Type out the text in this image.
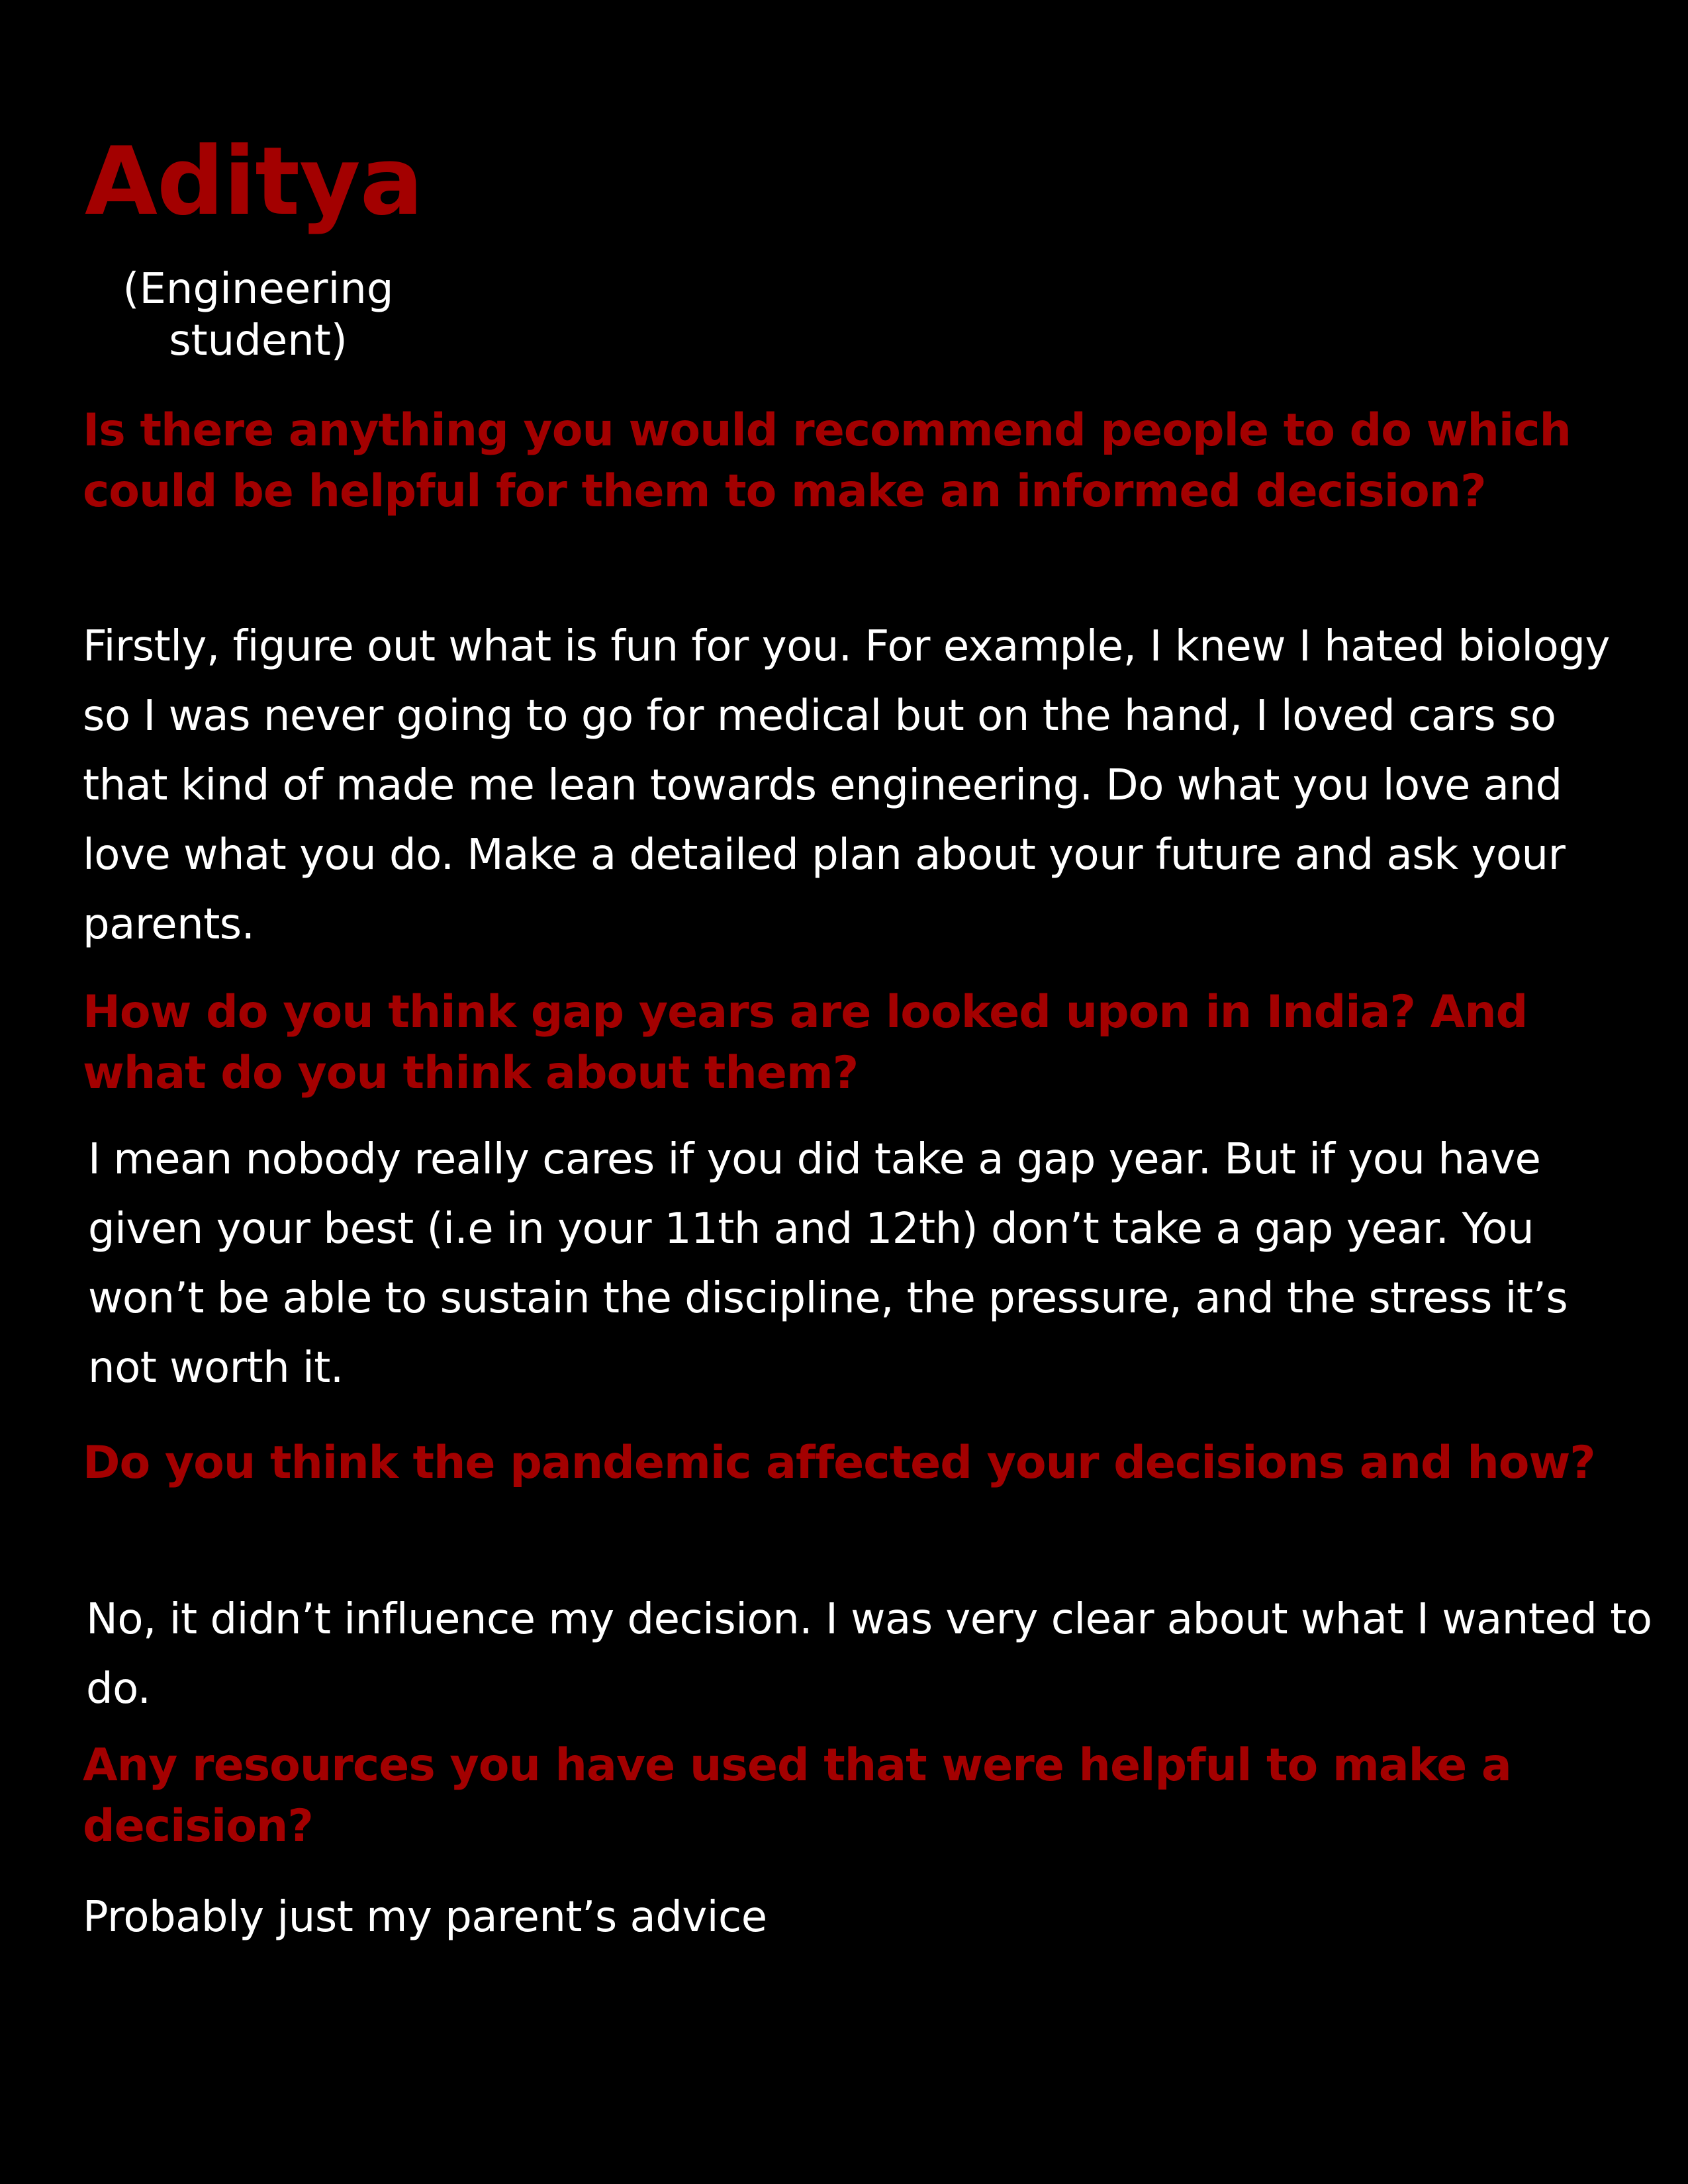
Aditya

(Engineering student)

Is there anything you would recommend people to do which could be helpful for them to make an informed decision?

Firstly, figure out what is fun for you. For example, I knew I hated biology so I was never going to go for medical but on the hand, I loved cars so that kind of made me lean towards engineering. Do what you love and love what you do. Make a detailed plan about your future and ask your parents.

How do you think gap years are looked upon in India? And what do you think about them?

I mean nobody really cares if you did take a gap year. But if you have given your best (i.e in your 11th and 12th) don’t take a gap year. You won’t be able to sustain the discipline, the pressure, and the stress it’s not worth it.

Do you think the pandemic affected your decisions and how?

No, it didn’t influence my decision. I was very clear about what I wanted to do.

Any resources you have used that were helpful to make a decision?

Probably just my parent’s advice
